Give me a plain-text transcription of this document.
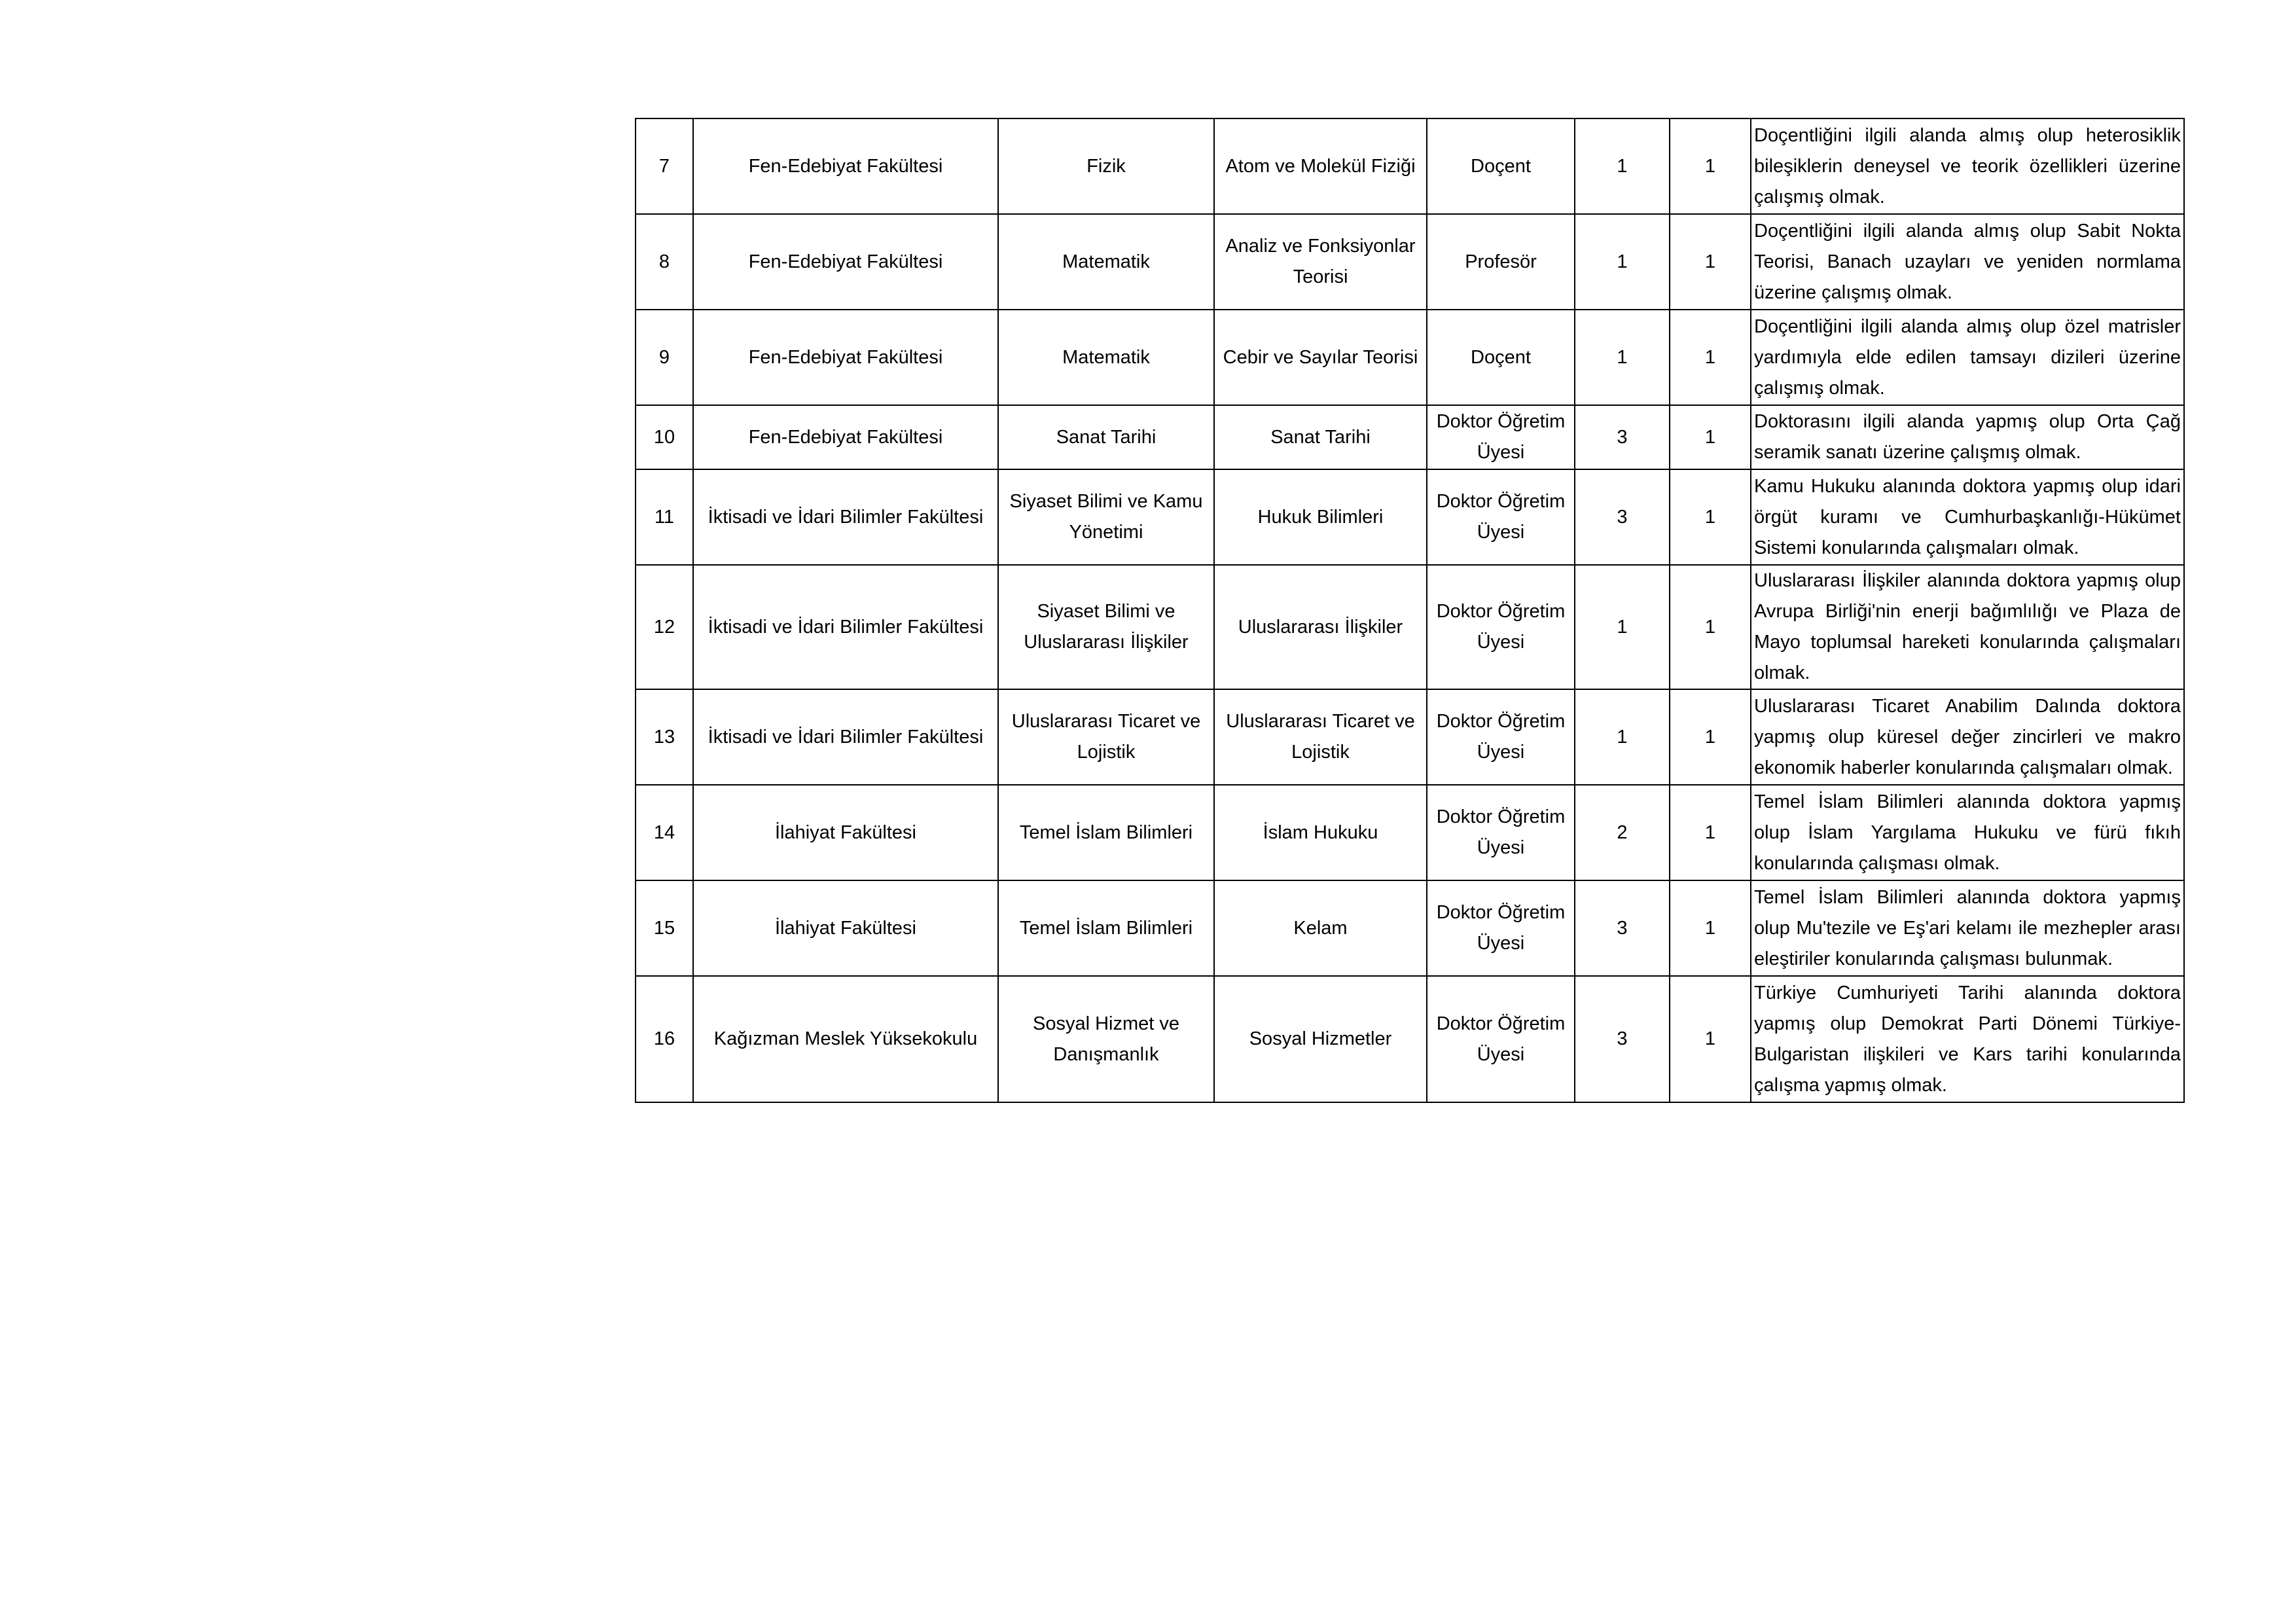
7	Fen-Edebiyat Fakültesi	Fizik	Atom ve Molekül Fiziği	Doçent	1	1	Doçentliğini ilgili alanda almış olup heterosiklik bileşiklerin deneysel ve teorik özellikleri üzerine çalışmış olmak.
8	Fen-Edebiyat Fakültesi	Matematik	Analiz ve Fonksiyonlar Teorisi	Profesör	1	1	Doçentliğini ilgili alanda almış olup Sabit Nokta Teorisi, Banach uzayları ve yeniden normlama üzerine çalışmış olmak.
9	Fen-Edebiyat Fakültesi	Matematik	Cebir ve Sayılar Teorisi	Doçent	1	1	Doçentliğini ilgili alanda almış olup özel matrisler yardımıyla elde edilen tamsayı dizileri üzerine çalışmış olmak.
10	Fen-Edebiyat Fakültesi	Sanat Tarihi	Sanat Tarihi	Doktor Öğretim Üyesi	3	1	Doktorasını ilgili alanda yapmış olup Orta Çağ seramik sanatı üzerine çalışmış olmak.
11	İktisadi ve İdari Bilimler Fakültesi	Siyaset Bilimi ve Kamu Yönetimi	Hukuk Bilimleri	Doktor Öğretim Üyesi	3	1	Kamu Hukuku alanında doktora yapmış olup idari örgüt kuramı ve Cumhurbaşkanlığı-Hükümet Sistemi konularında çalışmaları olmak.
12	İktisadi ve İdari Bilimler Fakültesi	Siyaset Bilimi ve Uluslararası İlişkiler	Uluslararası İlişkiler	Doktor Öğretim Üyesi	1	1	Uluslararası İlişkiler alanında doktora yapmış olup Avrupa Birliği'nin enerji bağımlılığı ve Plaza de Mayo toplumsal hareketi konularında çalışmaları olmak.
13	İktisadi ve İdari Bilimler Fakültesi	Uluslararası Ticaret ve Lojistik	Uluslararası Ticaret ve Lojistik	Doktor Öğretim Üyesi	1	1	Uluslararası Ticaret Anabilim Dalında doktora yapmış olup küresel değer zincirleri ve makro ekonomik haberler konularında çalışmaları olmak.
14	İlahiyat Fakültesi	Temel İslam Bilimleri	İslam Hukuku	Doktor Öğretim Üyesi	2	1	Temel İslam Bilimleri alanında doktora yapmış olup İslam Yargılama Hukuku ve fürü fıkıh konularında çalışması olmak.
15	İlahiyat Fakültesi	Temel İslam Bilimleri	Kelam	Doktor Öğretim Üyesi	3	1	Temel İslam Bilimleri alanında doktora yapmış olup Mu'tezile ve Eş'ari kelamı ile mezhepler arası eleştiriler konularında çalışması bulunmak.
16	Kağızman Meslek Yüksekokulu	Sosyal Hizmet ve Danışmanlık	Sosyal Hizmetler	Doktor Öğretim Üyesi	3	1	Türkiye Cumhuriyeti Tarihi alanında doktora yapmış olup Demokrat Parti Dönemi Türkiye-Bulgaristan ilişkileri ve Kars tarihi konularında çalışma yapmış olmak.
